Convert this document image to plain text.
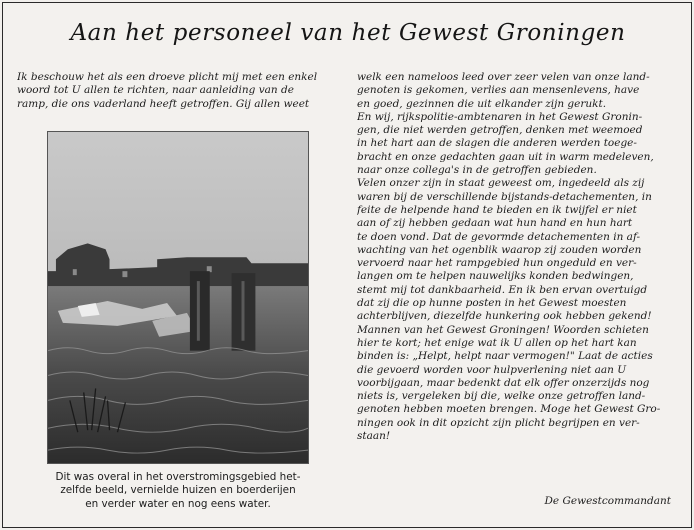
Aan het personeel van het Gewest Groningen
Ik beschouw het als een droeve plicht mij met een enkel
woord tot U allen te richten, naar aanleiding van de
ramp, die ons vaderland heeft getroffen. Gij allen weet
Dit was overal in het overstromingsgebied het-
zelfde beeld, vernielde huizen en boerderijen
en verder water en nog eens water.
welk een nameloos leed over zeer velen van onze land-
genoten is gekomen, verlies aan mensenlevens, have
en goed, gezinnen die uit elkander zijn gerukt.
En wij, rijkspolitie-ambtenaren in het Gewest Gronin-
gen, die niet werden getroffen, denken met weemoed
in het hart aan de slagen die anderen werden toege-
bracht en onze gedachten gaan uit in warm medeleven,
naar onze collega's in de getroffen gebieden.
Velen onzer zijn in staat geweest om, ingedeeld als zij
waren bij de verschillende bijstands-detachementen, in
feite de helpende hand te bieden en ik twijfel er niet
aan of zij hebben gedaan wat hun hand en hun hart
te doen vond. Dat de gevormde detachementen in af-
wachting van het ogenblik waarop zij zouden worden
vervoerd naar het rampgebied hun ongeduld en ver-
langen om te helpen nauwelijks konden bedwingen,
stemt mij tot dankbaarheid. En ik ben ervan overtuigd
dat zij die op hunne posten in het Gewest moesten
achterblijven, diezelfde hunkering ook hebben gekend!
Mannen van het Gewest Groningen! Woorden schieten
hier te kort; het enige wat ik U allen op het hart kan
binden is: „Helpt, helpt naar vermogen!" Laat de acties
die gevoerd worden voor hulpverlening niet aan U
voorbijgaan, maar bedenkt dat elk offer onzerzijds nog
niets is, vergeleken bij die, welke onze getroffen land-
genoten hebben moeten brengen. Moge het Gewest Gro-
ningen ook in dit opzicht zijn plicht begrijpen en ver-
staan!
De Gewestcommandant
